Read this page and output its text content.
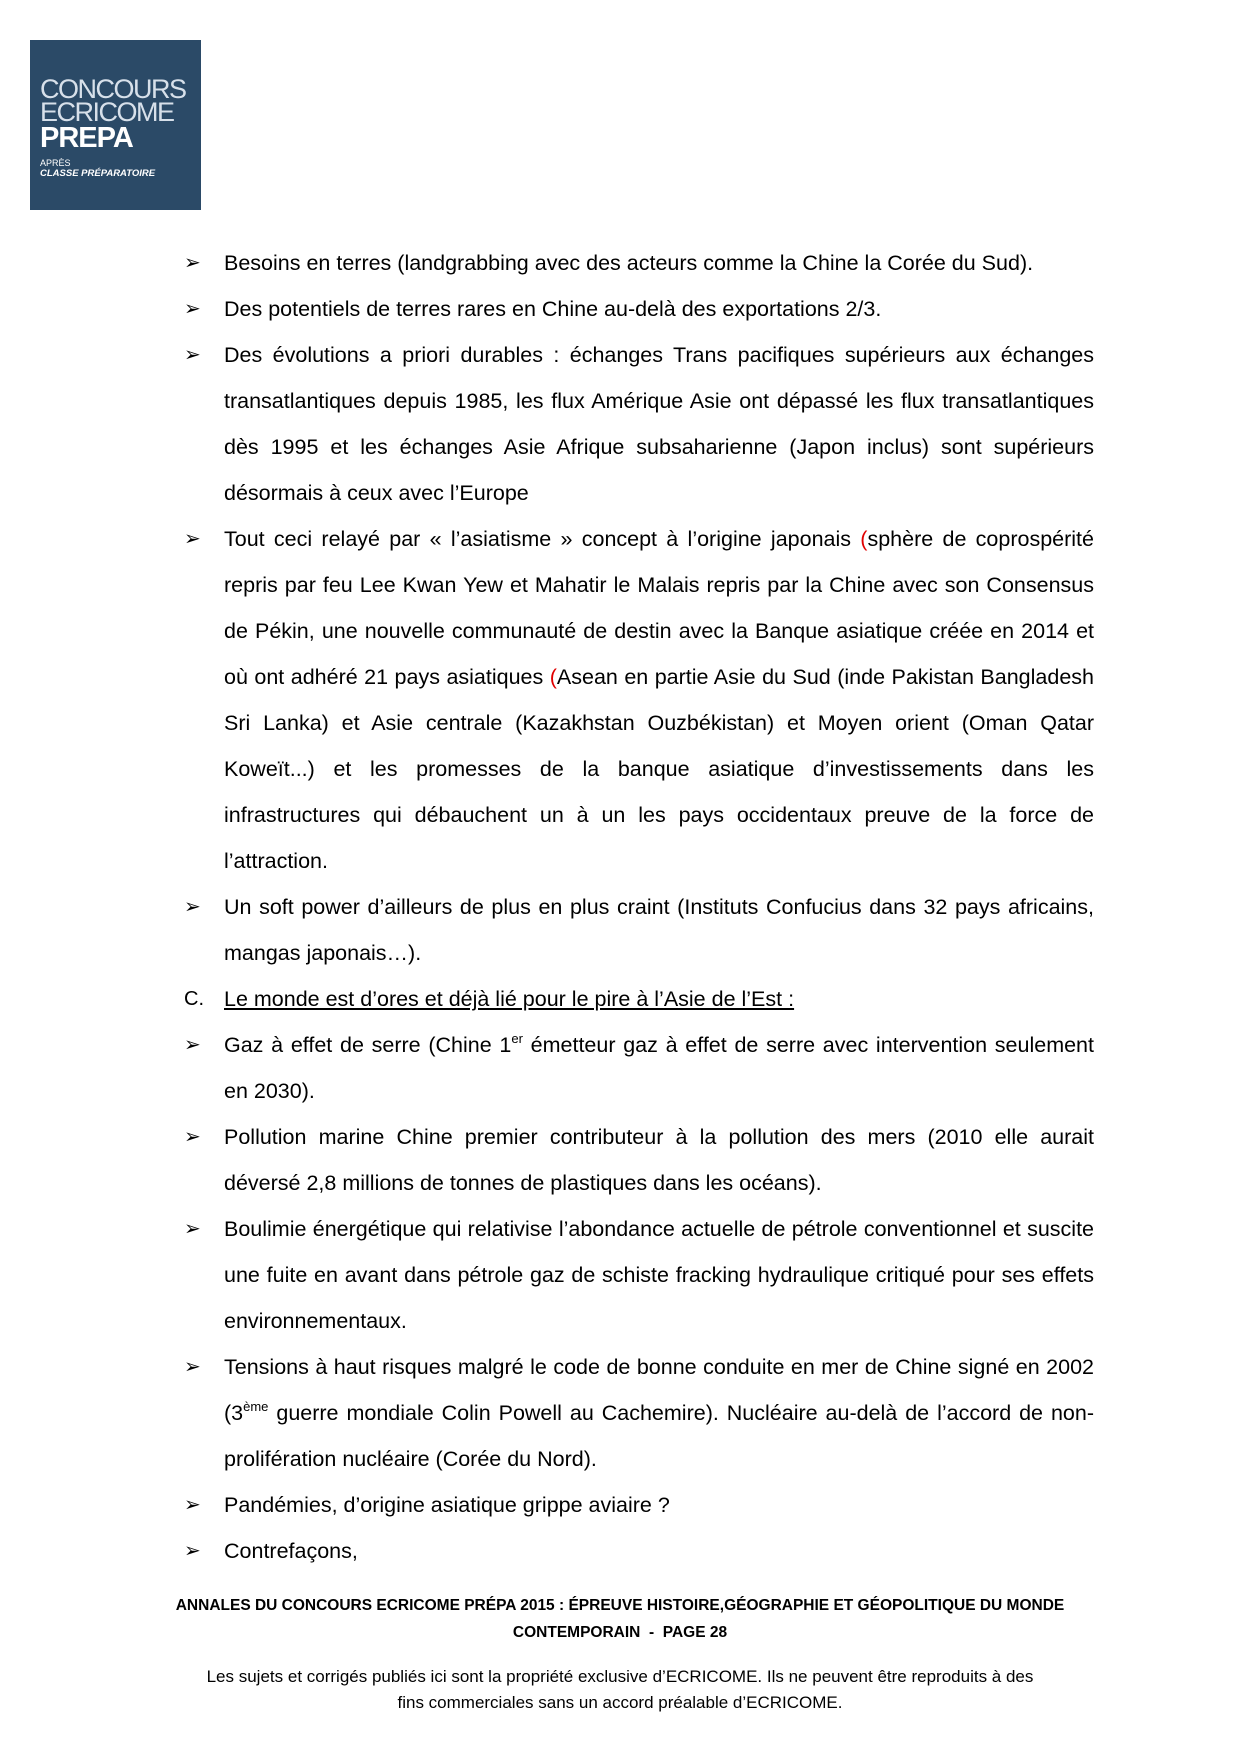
CONCOURS
ECRICOME
PREPA
APRÈS
CLASSE PRÉPARATOIRE
➢	Besoins en terres (landgrabbing avec des acteurs comme la Chine la Corée du Sud).
➢	Des potentiels de terres rares en Chine au-delà des exportations 2/3.
➢	Des évolutions a priori durables : échanges Trans pacifiques supérieurs aux échanges transatlantiques depuis 1985, les flux Amérique Asie ont dépassé les flux transatlantiques dès 1995 et les échanges Asie Afrique subsaharienne (Japon inclus) sont supérieurs désormais à ceux avec l’Europe
➢	Tout ceci relayé par « l’asiatisme » concept à l’origine japonais (sphère de coprospérité repris par feu Lee Kwan Yew et Mahatir le Malais repris par la Chine avec son Consensus de Pékin, une nouvelle communauté de destin avec la Banque asiatique créée en 2014 et où ont adhéré 21 pays asiatiques (Asean en partie Asie du Sud (inde Pakistan Bangladesh Sri Lanka) et Asie centrale (Kazakhstan Ouzbékistan) et Moyen orient (Oman Qatar Koweït...) et les promesses de la banque asiatique d’investissements dans les infrastructures qui débauchent un à un les pays occidentaux preuve de la force de l’attraction.
➢	Un soft power d’ailleurs de plus en plus craint (Instituts Confucius dans 32 pays africains, mangas japonais…).
C. Le monde est d’ores et déjà lié pour le pire à l’Asie de l’Est :
➢	Gaz à effet de serre (Chine 1er émetteur gaz à effet de serre avec intervention seulement en 2030).
➢	Pollution marine Chine premier contributeur à la pollution des mers (2010 elle aurait déversé 2,8 millions de tonnes de plastiques dans les océans).
➢	Boulimie énergétique qui relativise l’abondance actuelle de pétrole conventionnel et suscite une fuite en avant dans pétrole gaz de schiste fracking hydraulique critiqué pour ses effets environnementaux.
➢	Tensions à haut risques malgré le code de bonne conduite en mer de Chine signé en 2002 (3ème guerre mondiale Colin Powell au Cachemire). Nucléaire au-delà de l’accord de non-prolifération nucléaire (Corée du Nord).
➢	Pandémies, d’origine asiatique grippe aviaire ?
➢	Contrefaçons,
ANNALES DU CONCOURS ECRICOME PRÉPA 2015 : ÉPREUVE HISTOIRE,GÉOGRAPHIE ET GÉOPOLITIQUE DU MONDE
CONTEMPORAIN  -  PAGE 28
Les sujets et corrigés publiés ici sont la propriété exclusive d’ECRICOME. Ils ne peuvent être reproduits à des
fins commerciales sans un accord préalable d’ECRICOME.
